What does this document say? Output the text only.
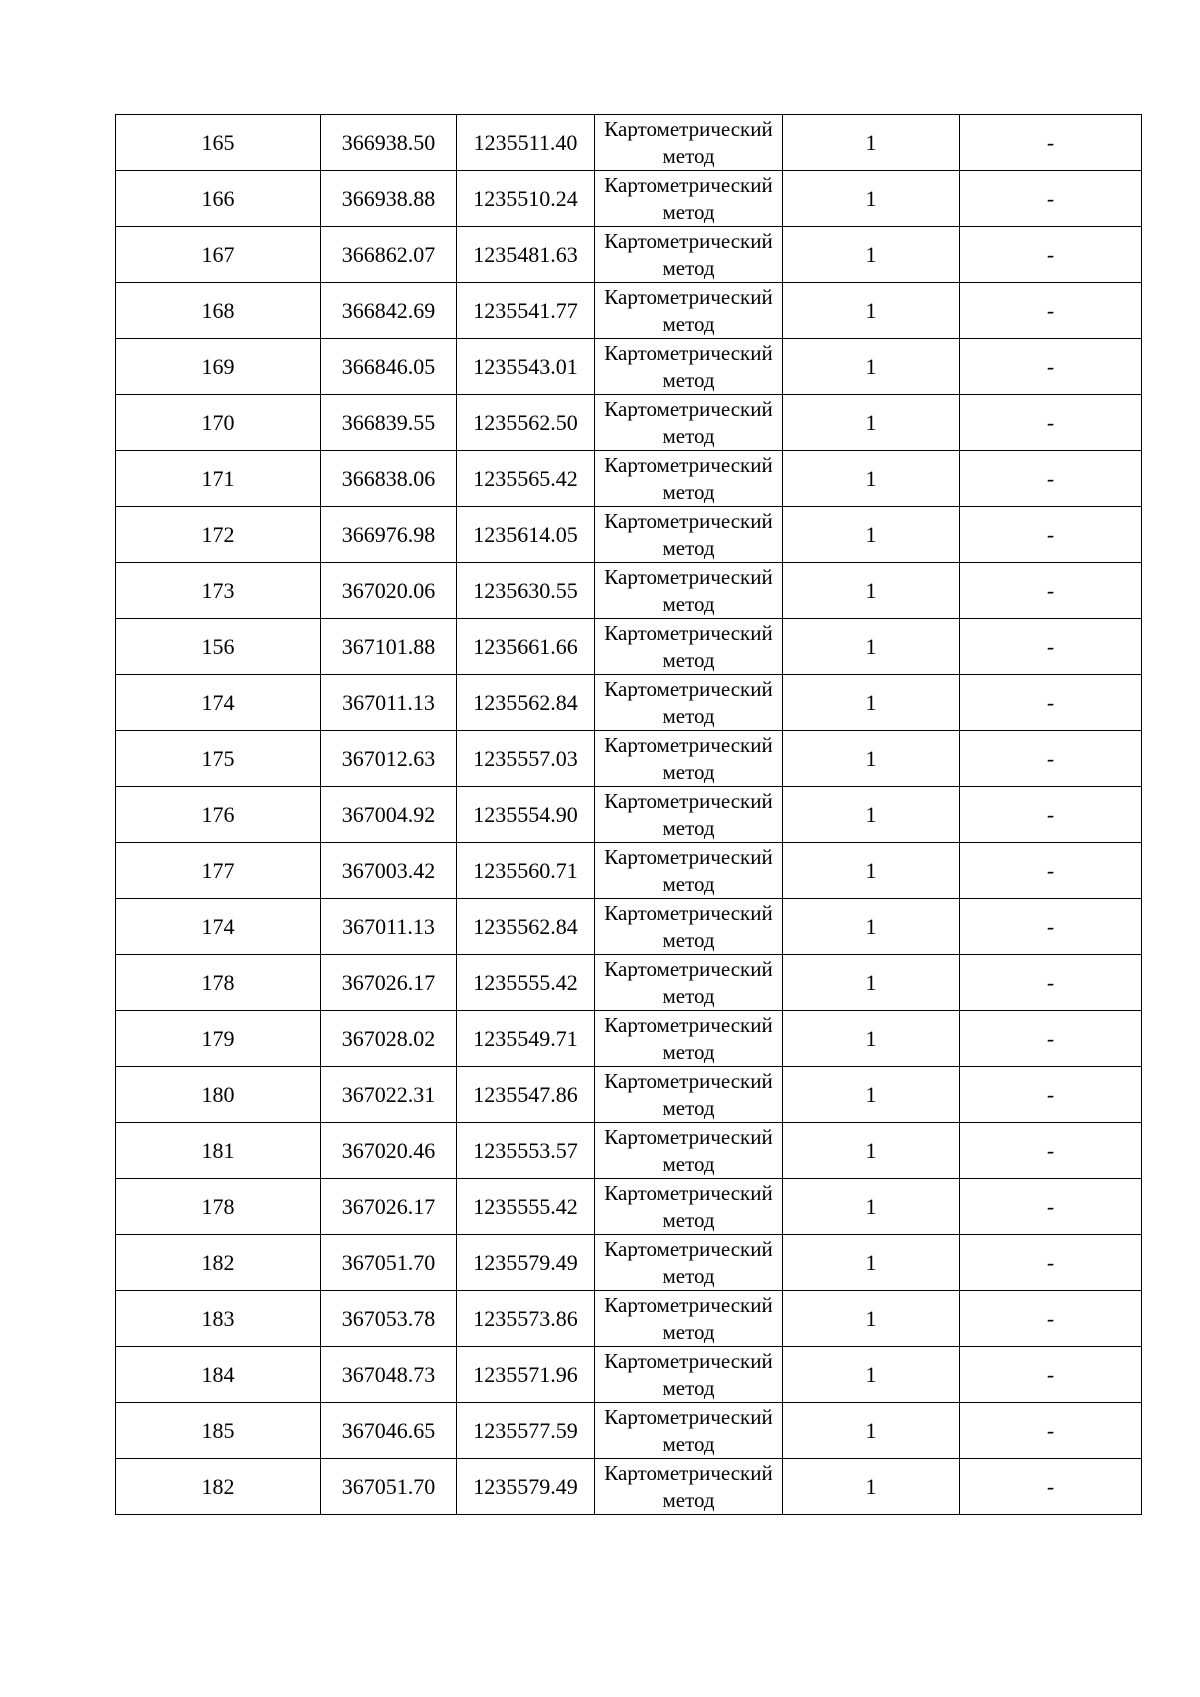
165	366938.50	1235511.40	Картометрический метод	1	-
166	366938.88	1235510.24	Картометрический метод	1	-
167	366862.07	1235481.63	Картометрический метод	1	-
168	366842.69	1235541.77	Картометрический метод	1	-
169	366846.05	1235543.01	Картометрический метод	1	-
170	366839.55	1235562.50	Картометрический метод	1	-
171	366838.06	1235565.42	Картометрический метод	1	-
172	366976.98	1235614.05	Картометрический метод	1	-
173	367020.06	1235630.55	Картометрический метод	1	-
156	367101.88	1235661.66	Картометрический метод	1	-
174	367011.13	1235562.84	Картометрический метод	1	-
175	367012.63	1235557.03	Картометрический метод	1	-
176	367004.92	1235554.90	Картометрический метод	1	-
177	367003.42	1235560.71	Картометрический метод	1	-
174	367011.13	1235562.84	Картометрический метод	1	-
178	367026.17	1235555.42	Картометрический метод	1	-
179	367028.02	1235549.71	Картометрический метод	1	-
180	367022.31	1235547.86	Картометрический метод	1	-
181	367020.46	1235553.57	Картометрический метод	1	-
178	367026.17	1235555.42	Картометрический метод	1	-
182	367051.70	1235579.49	Картометрический метод	1	-
183	367053.78	1235573.86	Картометрический метод	1	-
184	367048.73	1235571.96	Картометрический метод	1	-
185	367046.65	1235577.59	Картометрический метод	1	-
182	367051.70	1235579.49	Картометрический метод	1	-
